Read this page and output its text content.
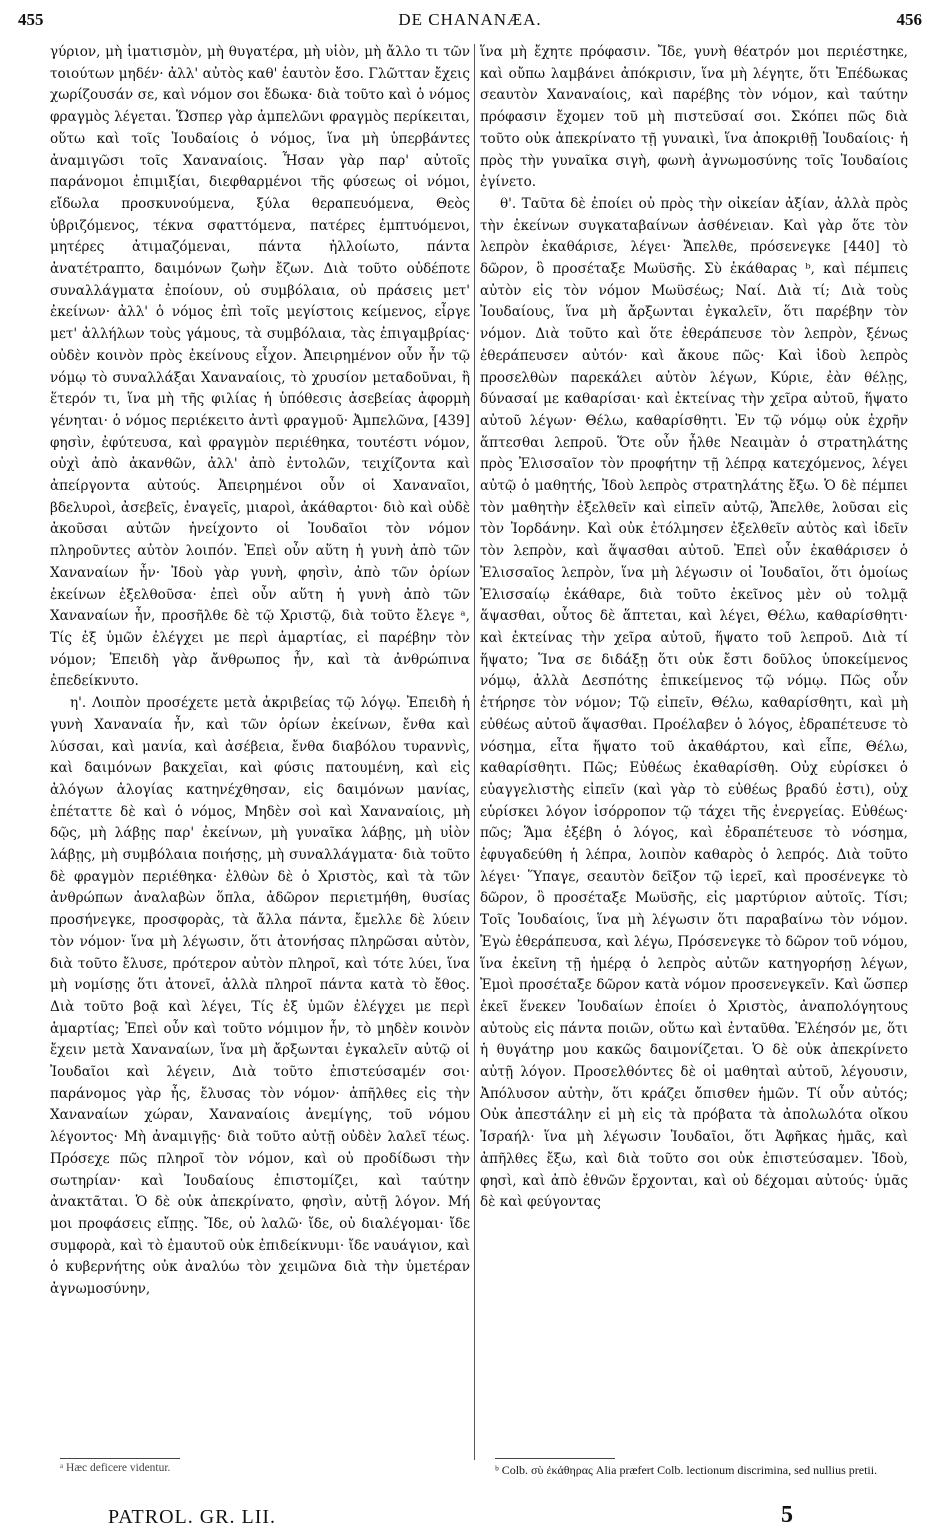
455	DE CHANANÆA.	456

γύριον, μὴ ἱματισμὸν, μὴ θυγατέρα, μὴ υἱὸν, μὴ ἄλλο τι τῶν τοιούτων μηδέν· ἀλλ' αὐτὸς καθ' ἑαυτὸν ἔσο. Γλῶτταν ἔχεις χωρίζουσάν σε, καὶ νόμον σοι ἔδωκα· διὰ τοῦτο καὶ ὁ νόμος φραγμὸς λέγεται. Ὥσπερ γὰρ ἀμπελῶνι φραγμὸς περίκειται, οὕτω καὶ τοῖς Ἰουδαίοις ὁ νόμος, ἵνα μὴ ὑπερβάντες ἀναμιγῶσι τοῖς Χαναναίοις. Ἦσαν γὰρ παρ' αὐτοῖς παράνομοι ἐπιμιξίαι, διεφθαρμένοι τῆς φύσεως οἱ νόμοι, εἴδωλα προσκυνούμενα, ξύλα θεραπευόμενα, Θεὸς ὑβριζόμενος, τέκνα σφαττόμενα, πατέρες ἐμπτυόμενοι, μητέρες ἀτιμαζόμεναι, πάντα ἠλλοίωτο, πάντα ἀνατέτραπτο, δαιμόνων ζωὴν ἔζων. Διὰ τοῦτο οὐδέποτε συναλλάγματα ἐποίουν, οὐ συμβόλαια, οὐ πράσεις μετ' ἐκείνων· ἀλλ' ὁ νόμος ἐπὶ τοῖς μεγίστοις κείμενος, εἶργε μετ' ἀλλήλων τοὺς γάμους, τὰ συμβόλαια, τὰς ἐπιγαμβρίας· οὐδὲν κοινὸν πρὸς ἐκείνους εἶχον. Ἀπειρημένον οὖν ἦν τῷ νόμῳ τὸ συναλλάξαι Χαναναίοις, τὸ χρυσίον μεταδοῦναι, ἢ ἕτερόν τι, ἵνα μὴ τῆς φιλίας ἡ ὑπόθεσις ἀσεβείας ἀφορμὴ γένηται· ὁ νόμος περιέκειτο ἀντὶ φραγμοῦ· Ἀμπελῶνα, [439] φησὶν, ἐφύτευσα, καὶ φραγμὸν περιέθηκα, τουτέστι νόμον, οὐχὶ ἀπὸ ἀκανθῶν, ἀλλ' ἀπὸ ἐντολῶν, τειχίζοντα καὶ ἀπείργοντα αὐτούς. Ἀπειρημένοι οὖν οἱ Χαναναῖοι, βδελυροὶ, ἀσεβεῖς, ἐναγεῖς, μιαροὶ, ἀκάθαρτοι· διὸ καὶ οὐδὲ ἀκοῦσαι αὐτῶν ἠνείχοντο οἱ Ἰουδαῖοι τὸν νόμον πληροῦντες αὐτὸν λοιπόν. Ἐπεὶ οὖν αὕτη ἡ γυνὴ ἀπὸ τῶν Χαναναίων ἦν· Ἰδοὺ γὰρ γυνὴ, φησὶν, ἀπὸ τῶν ὁρίων ἐκείνων ἐξελθοῦσα· ἐπεὶ οὖν αὕτη ἡ γυνὴ ἀπὸ τῶν Χαναναίων ἦν, προσῆλθε δὲ τῷ Χριστῷ, διὰ τοῦτο ἔλεγε ᵃ, Τίς ἐξ ὑμῶν ἐλέγχει με περὶ ἁμαρτίας, εἰ παρέβην τὸν νόμον; Ἐπειδὴ γὰρ ἄνθρωπος ἦν, καὶ τὰ ἀνθρώπινα ἐπεδείκνυτο.

η'. Λοιπὸν προσέχετε μετὰ ἀκριβείας τῷ λόγῳ. Ἐπειδὴ ἡ γυνὴ Χαναναία ἦν, καὶ τῶν ὁρίων ἐκείνων, ἔνθα καὶ λύσσαι, καὶ μανία, καὶ ἀσέβεια, ἔνθα διαβόλου τυραννὶς, καὶ δαιμόνων βακχεῖαι, καὶ φύσις πατουμένη, καὶ εἰς ἀλόγων ἀλογίας κατηνέχθησαν, εἰς δαιμόνων μανίας, ἐπέταττε δὲ καὶ ὁ νόμος, Μηδὲν σοὶ καὶ Χαναναίοις, μὴ δῷς, μὴ λάβῃς παρ' ἐκείνων, μὴ γυναῖκα λάβῃς, μὴ υἱὸν λάβῃς, μὴ συμβόλαια ποιήσῃς, μὴ συναλλάγματα· διὰ τοῦτο δὲ φραγμὸν περιέθηκα· ἐλθὼν δὲ ὁ Χριστὸς, καὶ τὰ τῶν ἀνθρώπων ἀναλαβὼν ὅπλα, ἀδῶρον περιετμήθη, θυσίας προσήνεγκε, προσφορὰς, τὰ ἄλλα πάντα, ἔμελλε δὲ λύειν τὸν νόμον· ἵνα μὴ λέγωσιν, ὅτι ἀτονήσας πληρῶσαι αὐτὸν, διὰ τοῦτο ἔλυσε, πρότερον αὐτὸν πληροῖ, καὶ τότε λύει, ἵνα μὴ νομίσῃς ὅτι ἀτονεῖ, ἀλλὰ πληροῖ πάντα κατὰ τὸ ἔθος. Διὰ τοῦτο βοᾷ καὶ λέγει, Τίς ἐξ ὑμῶν ἐλέγχει με περὶ ἁμαρτίας; Ἐπεὶ οὖν καὶ τοῦτο νόμιμον ἦν, τὸ μηδὲν κοινὸν ἔχειν μετὰ Χαναναίων, ἵνα μὴ ἄρξωνται ἐγκαλεῖν αὐτῷ οἱ Ἰουδαῖοι καὶ λέγειν, Διὰ τοῦτο ἐπιστεύσαμέν σοι· παράνομος γὰρ ἦς, ἔλυσας τὸν νόμον· ἀπῆλθες εἰς τὴν Χαναναίων χώραν, Χαναναίοις ἀνεμίγης, τοῦ νόμου λέγοντος· Μὴ ἀναμιγῇς· διὰ τοῦτο αὐτῇ οὐδὲν λαλεῖ τέως. Πρόσεχε πῶς πληροῖ τὸν νόμον, καὶ οὐ προδίδωσι τὴν σωτηρίαν· καὶ Ἰουδαίους ἐπιστομίζει, καὶ ταύτην ἀνακτᾶται. Ὁ δὲ οὐκ ἀπεκρίνατο, φησὶν, αὐτῇ λόγον. Μή μοι προφάσεις εἴπῃς. Ἴδε, οὐ λαλῶ· ἴδε, οὐ διαλέγομαι· ἴδε συμφορὰ, καὶ τὸ ἐμαυτοῦ οὐκ ἐπιδείκνυμι· ἴδε ναυάγιον, καὶ ὁ κυβερνήτης οὐκ ἀναλύω τὸν χειμῶνα διὰ τὴν ὑμετέραν ἀγνωμοσύνην,

ἵνα μὴ ἔχητε πρόφασιν. Ἴδε, γυνὴ θέατρόν μοι περιέστηκε, καὶ οὔπω λαμβάνει ἀπόκρισιν, ἵνα μὴ λέγητε, ὅτι Ἐπέδωκας σεαυτὸν Χαναναίοις, καὶ παρέβης τὸν νόμον, καὶ ταύτην πρόφασιν ἔχομεν τοῦ μὴ πιστεῦσαί σοι. Σκόπει πῶς διὰ τοῦτο οὐκ ἀπεκρίνατο τῇ γυναικὶ, ἵνα ἀποκριθῇ Ἰουδαίοις· ἡ πρὸς τὴν γυναῖκα σιγὴ, φωνὴ ἀγνωμοσύνης τοῖς Ἰουδαίοις ἐγίνετο.

θ'. Ταῦτα δὲ ἐποίει οὐ πρὸς τὴν οἰκείαν ἀξίαν, ἀλλὰ πρὸς τὴν ἐκείνων συγκαταβαίνων ἀσθένειαν. Καὶ γὰρ ὅτε τὸν λεπρὸν ἐκαθάρισε, λέγει· Ἄπελθε, πρόσενεγκε [440] τὸ δῶρον, ὃ προσέταξε Μωϋσῆς. Σὺ ἐκάθαρας ᵇ, καὶ πέμπεις αὐτὸν εἰς τὸν νόμον Μωϋσέως; Ναί. Διὰ τί; Διὰ τοὺς Ἰουδαίους, ἵνα μὴ ἄρξωνται ἐγκαλεῖν, ὅτι παρέβην τὸν νόμον. Διὰ τοῦτο καὶ ὅτε ἐθεράπευσε τὸν λεπρὸν, ξένως ἐθεράπευσεν αὐτόν· καὶ ἄκουε πῶς· Καὶ ἰδοὺ λεπρὸς προσελθὼν παρεκάλει αὐτὸν λέγων, Κύριε, ἐὰν θέλῃς, δύνασαί με καθαρίσαι· καὶ ἐκτείνας τὴν χεῖρα αὐτοῦ, ἥψατο αὐτοῦ λέγων· Θέλω, καθαρίσθητι. Ἐν τῷ νόμῳ οὐκ ἐχρῆν ἅπτεσθαι λεπροῦ. Ὅτε οὖν ἦλθε Νεαιμὰν ὁ στρατηλάτης πρὸς Ἐλισσαῖον τὸν προφήτην τῇ λέπρᾳ κατεχόμενος, λέγει αὐτῷ ὁ μαθητής, Ἰδοὺ λεπρὸς στρατηλάτης ἔξω. Ὁ δὲ πέμπει τὸν μαθητὴν ἐξελθεῖν καὶ εἰπεῖν αὐτῷ, Ἄπελθε, λοῦσαι εἰς τὸν Ἰορδάνην. Καὶ οὐκ ἐτόλμησεν ἐξελθεῖν αὐτὸς καὶ ἰδεῖν τὸν λεπρὸν, καὶ ἅψασθαι αὐτοῦ. Ἐπεὶ οὖν ἐκαθάρισεν ὁ Ἐλισσαῖος λεπρὸν, ἵνα μὴ λέγωσιν οἱ Ἰουδαῖοι, ὅτι ὁμοίως Ἐλισσαίῳ ἐκάθαρε, διὰ τοῦτο ἐκεῖνος μὲν οὐ τολμᾷ ἅψασθαι, οὗτος δὲ ἅπτεται, καὶ λέγει, Θέλω, καθαρίσθητι· καὶ ἐκτείνας τὴν χεῖρα αὐτοῦ, ἥψατο τοῦ λεπροῦ. Διὰ τί ἥψατο; Ἵνα σε διδάξῃ ὅτι οὐκ ἔστι δοῦλος ὑποκείμενος νόμῳ, ἀλλὰ Δεσπότης ἐπικείμενος τῷ νόμῳ. Πῶς οὖν ἐτήρησε τὸν νόμον; Τῷ εἰπεῖν, Θέλω, καθαρίσθητι, καὶ μὴ εὐθέως αὐτοῦ ἅψασθαι. Προέλαβεν ὁ λόγος, ἐδραπέτευσε τὸ νόσημα, εἶτα ἥψατο τοῦ ἀκαθάρτου, καὶ εἶπε, Θέλω, καθαρίσθητι. Πῶς; Εὐθέως ἐκαθαρίσθη. Οὐχ εὑρίσκει ὁ εὐαγγελιστὴς εἰπεῖν (καὶ γὰρ τὸ εὐθέως βραδύ ἐστι), οὐχ εὑρίσκει λόγον ἰσόρροπον τῷ τάχει τῆς ἐνεργείας. Εὐθέως· πῶς; Ἅμα ἐξέβη ὁ λόγος, καὶ ἐδραπέτευσε τὸ νόσημα, ἐφυγαδεύθη ἡ λέπρα, λοιπὸν καθαρὸς ὁ λεπρός. Διὰ τοῦτο λέγει· Ὕπαγε, σεαυτὸν δεῖξον τῷ ἱερεῖ, καὶ προσένεγκε τὸ δῶρον, ὃ προσέταξε Μωϋσῆς, εἰς μαρτύριον αὐτοῖς. Τίσι; Τοῖς Ἰουδαίοις, ἵνα μὴ λέγωσιν ὅτι παραβαίνω τὸν νόμον. Ἐγὼ ἐθεράπευσα, καὶ λέγω, Πρόσενεγκε τὸ δῶρον τοῦ νόμου, ἵνα ἐκεῖνη τῇ ἡμέρᾳ ὁ λεπρὸς αὐτῶν κατηγορήσῃ λέγων, Ἐμοὶ προσέταξε δῶρον κατὰ νόμον προσενεγκεῖν. Καὶ ὥσπερ ἐκεῖ ἕνεκεν Ἰουδαίων ἐποίει ὁ Χριστὸς, ἀναπολόγητους αὐτοὺς εἰς πάντα ποιῶν, οὕτω καὶ ἐνταῦθα. Ἐλέησόν με, ὅτι ἡ θυγάτηρ μου κακῶς δαιμονίζεται. Ὁ δὲ οὐκ ἀπεκρίνετο αὐτῇ λόγον. Προσελθόντες δὲ οἱ μαθηταὶ αὐτοῦ, λέγουσιν, Ἀπόλυσον αὐτὴν, ὅτι κράζει ὄπισθεν ἡμῶν. Τί οὖν αὐτός; Οὐκ ἀπεστάλην εἰ μὴ εἰς τὰ πρόβατα τὰ ἀπολωλότα οἴκου Ἰσραήλ· ἵνα μὴ λέγωσιν Ἰουδαῖοι, ὅτι Ἀφῆκας ἡμᾶς, καὶ ἀπῆλθες ἔξω, καὶ διὰ τοῦτο σοι οὐκ ἐπιστεύσαμεν. Ἰδοὺ, φησὶ, καὶ ἀπὸ ἐθνῶν ἔρχονται, καὶ οὐ δέχομαι αὐτούς· ὑμᾶς δὲ καὶ φεύγοντας

ᵃ Hæc deficere videntur.	ᵇ Colb. σὺ ἐκάθηρας Alia præfert Colb. lectionum discrimina, sed nullius pretii.
PATROL. GR. LII.	5
